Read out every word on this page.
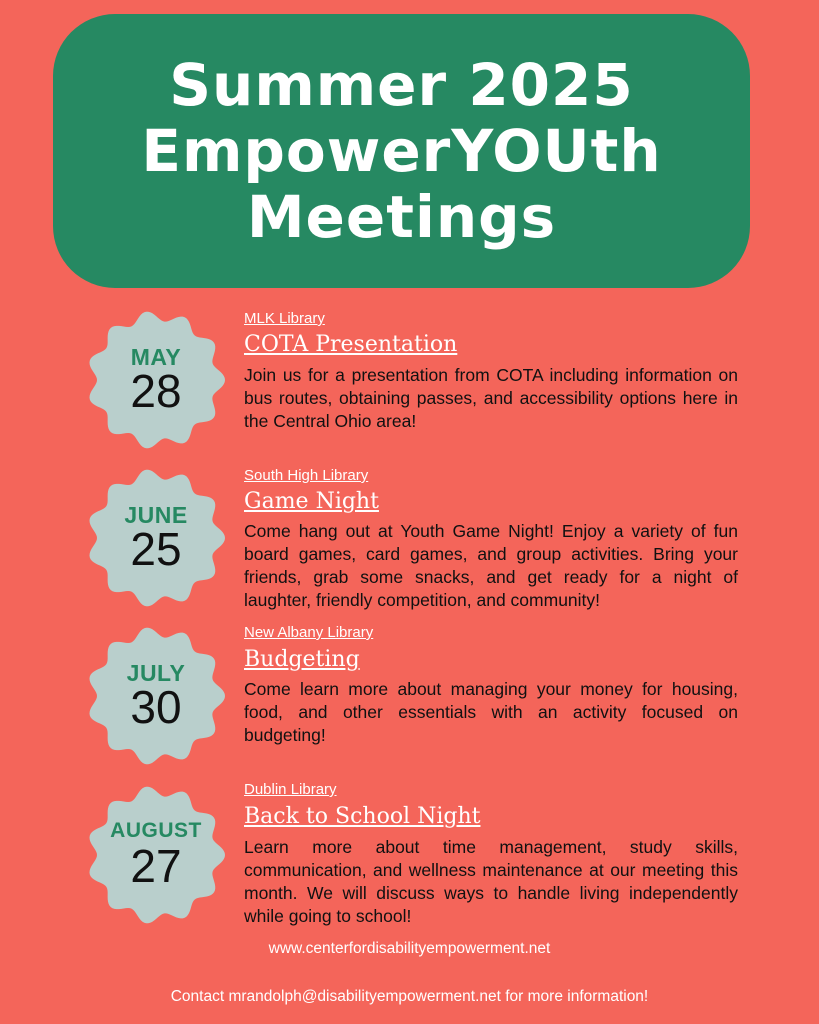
Summer 2025
EmpowerYOUth
Meetings
MAY
28
MLK Library
COTA Presentation
Join us for a presentation from COTA including information on bus routes, obtaining passes, and accessibility options here in the Central Ohio area!
JUNE
25
South High Library
Game Night
Come hang out at Youth Game Night! Enjoy a variety of fun board games, card games, and group activities. Bring your friends, grab some snacks, and get ready for a night of laughter, friendly competition, and community!
JULY
30
New Albany Library
Budgeting
Come learn more about managing your money for housing, food, and other essentials with an activity focused on budgeting!
AUGUST
27
Dublin Library
Back to School Night
Learn more about time management, study skills, communication, and wellness maintenance at our meeting this month. We will discuss ways to handle living independently while going to school!
www.centerfordisabilityempowerment.net
Contact mrandolph@disabilityempowerment.net for more information!
